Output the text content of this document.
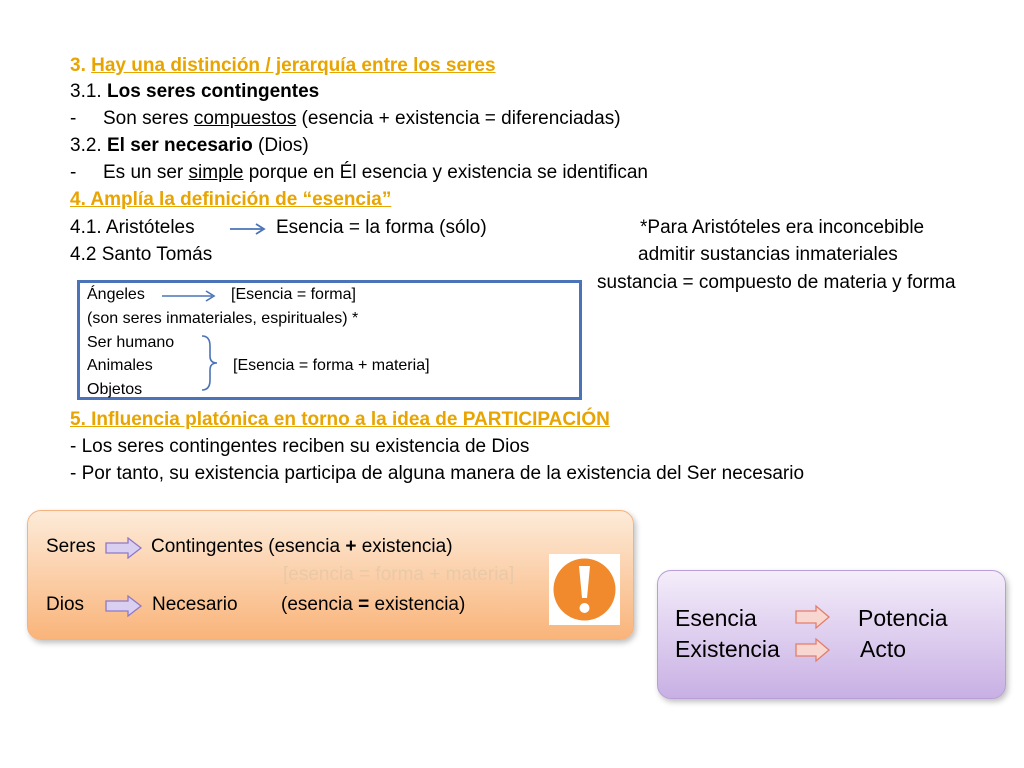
3. Hay una distinción / jerarquía entre los seres
3.1. Los seres contingentes
- Son seres compuestos (esencia + existencia = diferenciadas)
3.2. El ser necesario (Dios)
- Es un ser simple porque en Él esencia y existencia se identifican
4. Amplía la definición de “esencia”
4.1. Aristóteles	Esencia = la forma (sólo)	*Para Aristóteles era inconcebible
4.2 Santo Tomás	admitir sustancias inmateriales
sustancia = compuesto de materia y forma
Ángeles	[Esencia = forma]
(son seres inmateriales, espirituales) *
Ser humano
Animales	[Esencia = forma + materia]
Objetos
5. Influencia platónica en torno a la idea de PARTICIPACIÓN
- Los seres contingentes reciben su existencia de Dios
- Por tanto, su existencia participa de alguna manera de la existencia del Ser necesario
Seres	Contingentes (esencia + existencia)
[esencia = forma + materia]
Dios	Necesario (esencia = existencia)
Esencia	Potencia
Existencia	Acto
